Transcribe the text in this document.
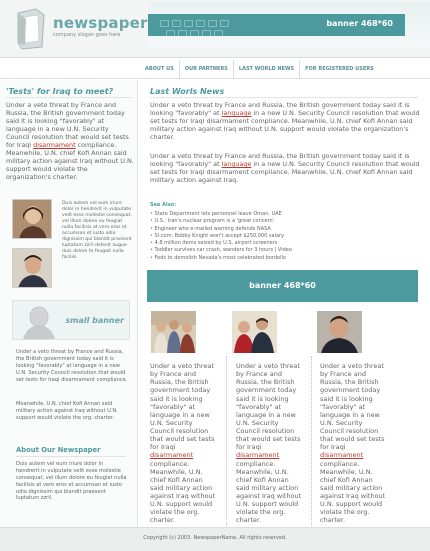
newspaper
company slogan goes here
banner 468*60
ABOUT US	OUR PARTNERS	LAST WORLD NEWS	FOR REGISTERED USERS
'Tests' for Iraq to meet?
Under a veto threat by France and Russia, the British government today said it is looking "favorably" at language in a new U.N. Security Council resolution that would set tests for Iraqi disarmament compliance. Meanwhile, U.N. chief Kofi Annan said military action against Iraq without U.N. support would violate the organization's charter.
Duis autem vel eum iriure dolor in hendrerit in vulputate velit esse molestie consequat, vel illum dolore eu feugiat nulla facilisis at vero eros et accumsan et iusto odio dignissim qui blandit praesent luptatum zzril delenit augue duis dolore te feugait nulla facilisi.
small banner
Under a veto threat by France and Russia, the British government today said it is looking "favorably" at language in a new U.N. Security Council resolution that would set tests for Iraqi disarmament compliance.
Meanwhile, U.N. chief Kofi Annan said military action against Iraq without U.N. support would violate the org. charter.
About Our Newspaper
Duis autem vel eum iriure dolor in hendrerit in vulputate velit esse molestie consequat, vel illum dolore eu feugiat nulla facilisis at vero eros et accumsan et iusto odio dignissim qui blandit praesent luptatum zzril.
Last Worls News
Under a veto threat by France and Russia, the British government today said it is looking "favorably" at language in a new U.N. Security Council resolution that would set tests for Iraqi disarmament compliance. Meanwhile, U.N. chief Kofi Annan said military action against Iraq without U.N. support would violate the organization's charter.
Under a veto threat by France and Russia, the British government today said it is looking "favorably" at language in a new U.N. Security Council resolution that would set tests for Iraqi disarmament compliance. Meanwhile, U.N. chief Kofi Annan said military action against Iraq.
See Also:
• State Department lets personnel leave Oman, UAE
• U.S.: Iran's nuclear program is a 'great concern'
• Engineer who e-mailed warning defends NASA
• SI.com: Bobby Knight won't accept $250,000 salary
• 4.8 million items seized by U.S. airport screeners
• Toddler survives car crash, wanders for 3 hours | Video
• Feds to demolish Nevada's most celebrated bordello
banner 468*60
Under a veto threat by France and Russia, the British government today said it is looking "favorably" at language in a new U.N. Security Council resolution that would set tests for Iraqi disarmament compliance. Meanwhile, U.N. chief Kofi Annan said military action against Iraq without U.N. support would violate the org. charter.
Under a veto threat by France and Russia, the British government today said it is looking "favorably" at language in a new U.N. Security Council resolution that would set tests for Iraqi disarmament compliance. Meanwhile, U.N. chief Kofi Annan said military action against Iraq without U.N. support would violate the org. charter.
Under a veto threat by France and Russia, the British government today said it is looking "favorably" at language in a new U.N. Security Council resolution that would set tests for Iraqi disarmament compliance. Meanwhile, U.N. chief Kofi Annan said military action against Iraq without U.N. support would violate the org. charter.
Copyright (c) 2003. NewspaperName. All rights reserved.
